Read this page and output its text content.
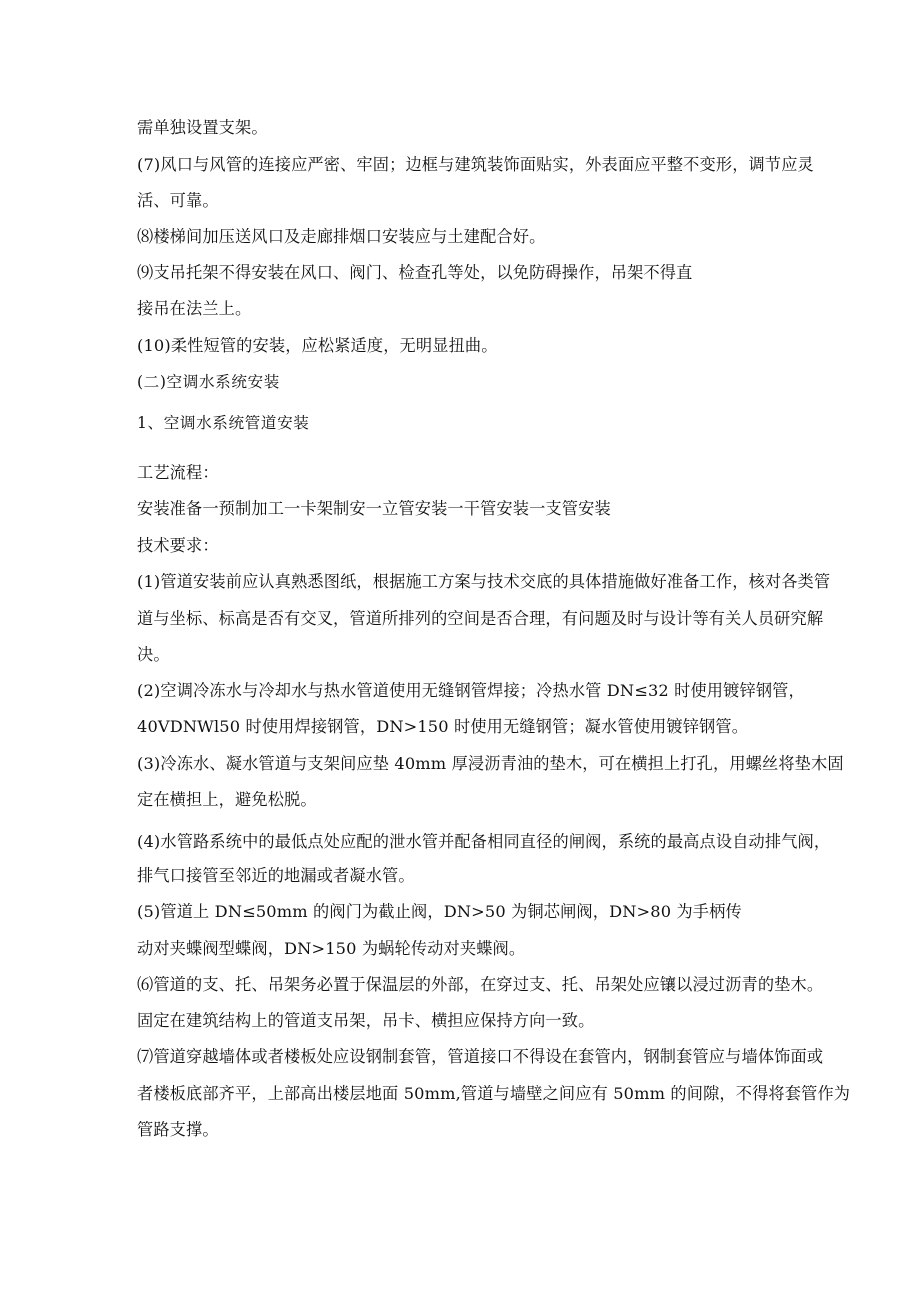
需单独设置支架。
(7)风口与风管的连接应严密、牢固；边框与建筑装饰面贴实，外表面应平整不变形，调节应灵
活、可靠。
⑻楼梯间加压送风口及走廊排烟口安装应与土建配合好。
⑼支吊托架不得安装在风口、阀门、检查孔等处，以免防碍操作，吊架不得直
接吊在法兰上。
(10)柔性短管的安装，应松紧适度，无明显扭曲。
(二)空调水系统安装
1、空调水系统管道安装
工艺流程：
安装准备一预制加工一卡架制安一立管安装一干管安装一支管安装
技术要求：
(1)管道安装前应认真熟悉图纸，根据施工方案与技术交底的具体措施做好准备工作，核对各类管
道与坐标、标高是否有交叉，管道所排列的空间是否合理，有问题及时与设计等有关人员研究解
决。
(2)空调冷冻水与冷却水与热水管道使用无缝钢管焊接；冷热水管 DN≤32 时使用镀锌钢管，
40VDNWl50 时使用焊接钢管，DN>150 时使用无缝钢管；凝水管使用镀锌钢管。
(3)冷冻水、凝水管道与支架间应垫 40mm 厚浸沥青油的垫木，可在横担上打孔，用螺丝将垫木固
定在横担上，避免松脱。
(4)水管路系统中的最低点处应配的泄水管并配备相同直径的闸阀，系统的最高点设自动排气阀，
排气口接管至邻近的地漏或者凝水管。
(5)管道上 DN≤50mm 的阀门为截止阀，DN>50 为铜芯闸阀，DN>80 为手柄传
动对夹蝶阀型蝶阀，DN>150 为蜗轮传动对夹蝶阀。
⑹管道的支、托、吊架务必置于保温层的外部，在穿过支、托、吊架处应镶以浸过沥青的垫木。
固定在建筑结构上的管道支吊架，吊卡、横担应保持方向一致。
⑺管道穿越墙体或者楼板处应设钢制套管，管道接口不得设在套管内，钢制套管应与墙体饰面或
者楼板底部齐平，上部高出楼层地面 50mm,管道与墙壁之间应有 50mm 的间隙，不得将套管作为
管路支撑。
